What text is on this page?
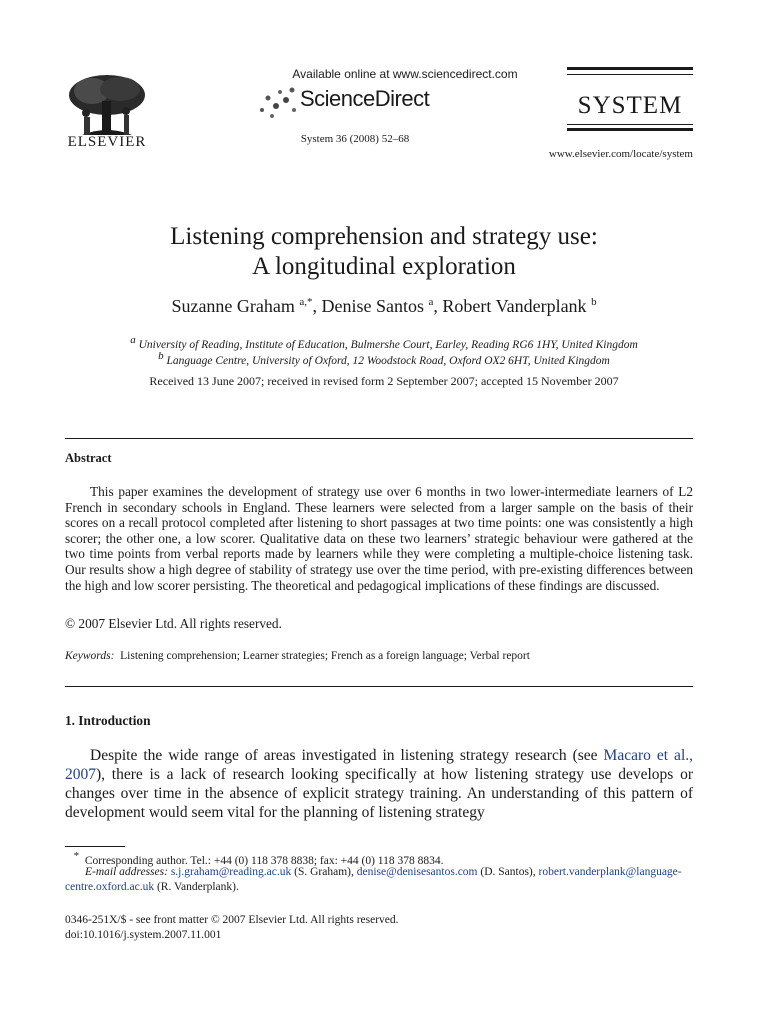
ELSEVIER
Available online at www.sciencedirect.com
ScienceDirect
System 36 (2008) 52–68
SYSTEM
www.elsevier.com/locate/system
Listening comprehension and strategy use:
A longitudinal exploration
Suzanne Graham $^{a,*}$, Denise Santos $^a$, Robert Vanderplank $^b$
$^a$ University of Reading, Institute of Education, Bulmershe Court, Earley, Reading RG6 1HY, United Kingdom
$^b$ Language Centre, University of Oxford, 12 Woodstock Road, Oxford OX2 6HT, United Kingdom
Received 13 June 2007; received in revised form 2 September 2007; accepted 15 November 2007
Abstract
This paper examines the development of strategy use over 6 months in two lower-intermediate learners of L2 French in secondary schools in England. These learners were selected from a larger sample on the basis of their scores on a recall protocol completed after listening to short passages at two time points: one was consistently a high scorer; the other one, a low scorer. Qualitative data on these two learners’ strategic behaviour were gathered at the two time points from verbal reports made by learners while they were completing a multiple-choice listening task. Our results show a high degree of stability of strategy use over the time period, with pre-existing differences between the high and low scorer persisting. The theoretical and pedagogical implications of these findings are discussed.
© 2007 Elsevier Ltd. All rights reserved.
Keywords: Listening comprehension; Learner strategies; French as a foreign language; Verbal report
1. Introduction
Despite the wide range of areas investigated in listening strategy research (see Macaro et al., 2007), there is a lack of research looking specifically at how listening strategy use develops or changes over time in the absence of explicit strategy training. An understanding of this pattern of development would seem vital for the planning of listening strategy
* Corresponding author. Tel.: +44 (0) 118 378 8838; fax: +44 (0) 118 378 8834.
E-mail addresses: s.j.graham@reading.ac.uk (S. Graham), denise@denisesantos.com (D. Santos), robert.vanderplank@language-centre.oxford.ac.uk (R. Vanderplank).
0346-251X/$ - see front matter © 2007 Elsevier Ltd. All rights reserved.
doi:10.1016/j.system.2007.11.001
